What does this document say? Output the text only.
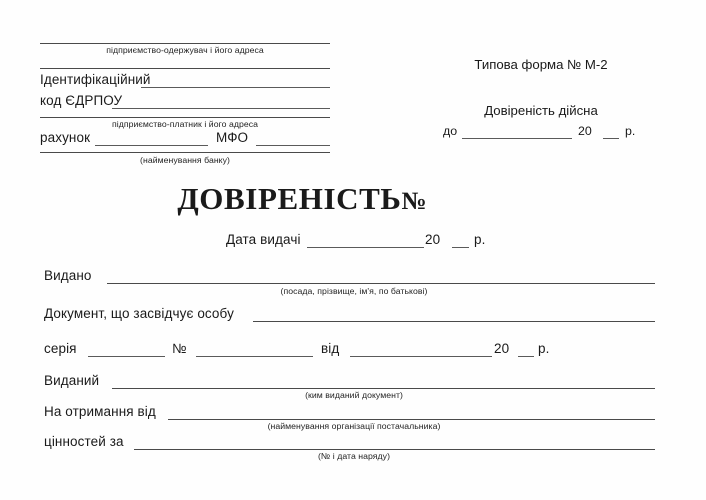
підприємство-одержувач і його адреса
Ідентифікаційний
код ЄДРПОУ
підприємство-платник і його адреса
рахунок	МФО
(найменування банку)
Типова форма № М-2
Довіреність дійсна
до	20	р.
ДОВІРЕНІСТЬ№
Дата видачі	20	р.
Видано
(посада, прізвище, ім'я, по батькові)
Документ, що засвідчує особу
серія	№	від	20 р.
Виданий
(ким виданий документ)
На отримання від
(найменування організації постачальника)
цінностей за
(№ і дата наряду)
